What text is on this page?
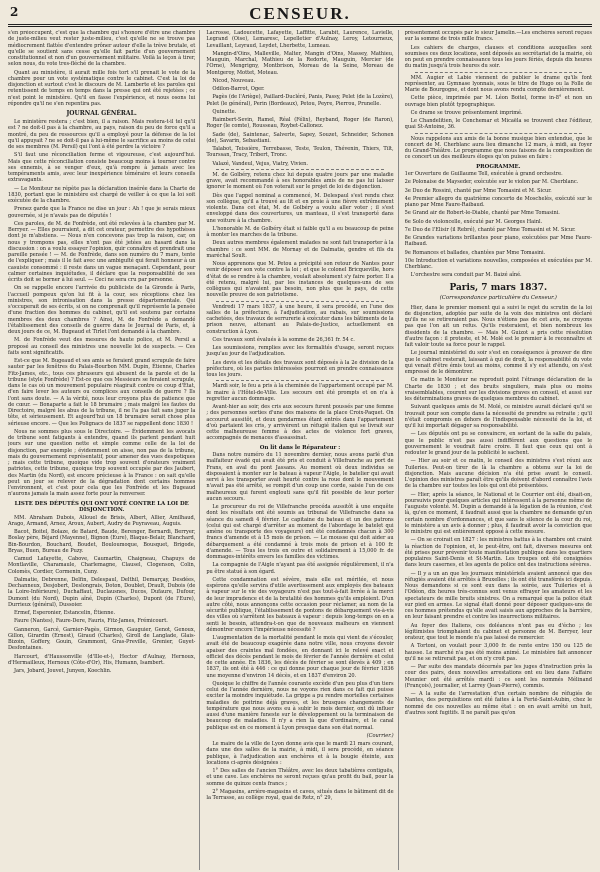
2	CENSEUR.

s'en préoccupent, c'est que la chambre qui s'honore d'être une chambre de juste-milieu veut rester juste-milieu, c'est qu'elle ne se trouve pas médiocrement flattée d'entendre prôner autour d'elle la trève brutale, et qu'elle se soutient sans cesse qu'elle fait partie d'un gouvernement constitutionnel et non d'un gouvernement militaire. Voilà la leçon à tirer, selon nous, du vote tres-fléché de la chambre.

Quant au ministère, il aurait mille fois tort s'il prenait le vote de la chambre pour un vote systématique contre le cabinet. C'est la loi de disjonction et surtout c'est le discours de M. Lamberte et les paroles qui retentissent de temps en temps dans la presse qui ont été rejetées ; ce n'est point le ministère. Qu'il en fasse l'expérience, et nous osons lui répondre qu'il ne s'en repentira pas.

JOURNAL GÉNÉRAL.

Le ministère restera ; c'est bien, il a raison. Mais restera-t-il tel qu'il est ? ne doit-il pas à la chambre, au pays, raison du peu de force qu'il a montré, du peu de ressources qu'il a employé pour la défense de la loi qu'il appuyait ? ne se doit-il pas à lui-même le sacrifice au moins de celui de ses membres (M. Persil) qui l'ont à été perdre la victoire ?

S'il faut une réconciliation ferme et vigoureuse, c'est aujourd'hui. Mais que cette réconciliation consiste beaucoup moins à tourner contre ses ennemis, à se venger d'eux, qu'à rompre à jamais avec les tempéraments amis, avec leur inexpérience téméraire et leurs conseils extravagants.

— Le Moniteur ne répète pas la déclaration insérée dans la Charte de 1830, portant que le ministère est chargé de veiller à ce que la loi soit exécutée de la chambre.

Prenez garde que la France ne dise un jour : Ah ! que je serais mieux gouvernée, si je n'avais pas de députés !

Ces paroles, de M. de Fonfrède, ont été relevées à la chambre par M. Berryer. — Elles pourraient, a dit cet orateur, permettre des hypothèses dont je m'abstiens. — Nous n'en concevons pas trop la raison, car, on nous y trompons pas, elles n'ont pas été jetées au hasard dans la discussion : on a voulu essayer l'opinion, quir connaître et prendrait une pareille pensée ! — M. de Fonfrède, dans son numéro du 7 mars, tente de l'expliquer ; mais il le fait avec une ambiguïté qui ferait honneur à un casuiste consommé : il reste dans un vague menaçant. Cependant, pour calmer certaines inquiétudes, il déclare que la responsabilité de ses écrits doit se borner à lui seul. — Ceci ne sera cru par personne.

On se rappelle encore l'arrivée du publiciste de la Gironde à Paris, l'accueil pompeux qu'on lui fit à la cour, ses réceptions chez les ministres, son intronisation dans la presse départementale. Qui s'occuperait de ses écrits, si on ne comprenait qu'il représente la pensée d'une fraction des hommes du cabinet, qu'il est soutenu par certains membres des deux chambres ? Ainsi, M. de Fonfrède a demandé l'établissement des conseils de guerre dans le Journal de Paris, et, à deux jours de ce, M. Bugeaud et Tirlet l'ont demandé à la chambre.

M. de Fonfrède veut des mesures de haute police, et M. Persil a proposé au conseil des ministres une nouvelle loi de suspects. — Ces faits sont significatifs.

Est-ce que M. Bugeaud et ses amis se feraient grand scrupule de faire sauter par les fenêtres du Palais-Bourbon MM. Dupin, Étienne, Charles Fitz-James, etc., tous ces phraseurs qui abusent de la parole et de la tribune (style Fonfrède) ? Est-ce que ces Messieurs se feraient scrupule, dans le cas où un mouvement populaire réagirait contre ce coup d'État, d'en faire lever les auteurs ou complices aux conseils de guerre ? Ils l'ont sans doute. — A la vérité, nous leur croyons plus de patience que de cœur. — Bonaparte a fait le 18 brumaire ; mais malgré les fautes du Directoire, malgré les abus de la tribune, il ne l'a pas fait sans juger la tête, et sérieusement. Et aujourd'hui un 18 brumaire serait chose plus sérieuse encore. — Que les Polignacs de 1837 se rappellent donc 1830 !

Nous ne sommes plus sous le Directoire. — Évidemment les avocats de tribune sont fatigants à entendre, quand ils parlent pendant huit jours sur une question nette et simple comme celle de la loi de disjonction, par exemple ; évidemment on aisse, non pas de la tribune, mais du gouvernement représentatif, pour amener des vues despotiques ; mais cette tribune, quoique vide trop souvent d'orateurs vraiment patriotes, cette tribune, quoique trop souvent occupée par des Jaubert, des Martin (du Nord), est encore précieuse à la France : on sait qu'elle peut un jour se relever de la dégradation dont certains hommes l'environnent, et c'est pour cela que les Fonfrède et les Bugeaud n'aurons jamais la main assez forte pour la renverser.

LISTE DES DÉPUTÉS QUI ONT VOTÉ CONTRE LA LOI DE DISJONCTION.

MM. Abraham Dubois, Allouel de Brisis, Albert, Allier, Amilhaud, Arago, Armand, Arnez, Aroux, Aubert, Audry de Puyraveau, Auguis.

Bacot, Boitel, Bolaze, de Batard, Baude, Berenger, Bernardi, Berryer, Boslay père, Béjard (Mayenne), Bignon (Eure), Blaque-Belair, Blanchard, Bin-Bourdon, Bouchard, Boudet, Bouloumoque, Bousquet, Brigode, Bryas, Buen, Bureau de Puzy.

Camud Lafayette, Cabove, Caumartin, Chaigneau, Chapuys de Montlaville, Charamaule, Charlemagne, Clausel, Clogenson, Colin, Colomès, Cordier, Cormenin, Cuny.

Dalmatie, Debrenne, Delfin, Delespaul, Delthil, Demarçay, Desdées, Dechanneux, Desjobert, Deslongrais, Doton, Doublet, Drault, Dubois (de la Loire-Inférieure), Duchaffaut, Duclausnes, Ducos, Dufaure, Dufour, Dumont (du Nord), Dupin aîné, Dupin (Charles), Dupont (de l'Eure), Durrieux (général), Dussoier.

Ermef, Esperonier, Estancelin, Étienne.

Faure (Nantes), Faure-Dere, Fauris, Fitz-James, Frémicourt.

Ganneron, Garcé, Garnier-Pagès, Girmon, Gauguier, Genot, Genoux, Gillon, Girardin (Ernest), Giraud (Charles), Giroll de Langlade, Glais-Bizoin, Goffery, Gouin, Grammont, Gras-Preville, Grenier, Guyet-Desfontaines.

Harcourt, d'Haussonville (d'Ille-et-), Hector d'Aulnay, Hernoux, d'Hermailleux, Hernoux (Côte-d'Or), His, Humann, Isambert.

Jars, Jobard, Jouvet, Junyen, Koechlin.

Lacrosse, Ladoucette, Lafayette, Laffitte, Larabit, Laurence, Lavielle, Legrand (Oise), Lemaresc, Lepelletier d'Aulnay, Leroy, Letourneux, Levaillant, Leyraud, Leydet, Lherbette, Lumeau.

Mangin-d'Oins, Malleville, Malter, Mangin d'Oins, Massey, Mathieu, Mauguin, Marchal, Mathieu de la Redorte, Mauguin, Mercier (de l'Orne), Mengrigny, Montbrison, Moreau de la Seine, Moreau de Montgeroy, Mottet, Moteau.

Nicod, Nouveau.

Odilon-Barrot, Oger.

Pagès (de l'Ariège), Paillard-Ducléré, Panis, Passy, Pelet (de la Lozère), Pelet (le général), Perin (Bordeaux), Petou, Peyre, Pierrou, Prunelle.

Quinette.

Raimbert-Sevin, Ramel, Réal (Félix), Reyband, Roger (de Raron), Roger (le comte), Rousseau, Roybet-Callonez.

Sade (de), Saintenac, Salverte, Sapey, Souzet, Schneider, Schonen (de), Savarin, Sebastiani.

Talabot, Teissière, Terrebasse, Teste, Teulon, Thévenin, Thiers, Tilt, Tourssan, Tracy, Tribert, Tronc.

Valazé, Vandeul, Vejus, Viatry, Vivien.

M. de Golbéry, retenu chez lui depuis quatre jours par une maladie grave, avait recommandé à ses honorables amis de ne pas lui laisser ignorer le moment où l'on voterait sur le projet de loi de disjonction.

Dès que l'appel nominal a commencé, M. Delespaul s'est rendu chez son collègue, qu'il a trouvé au lit et en proie à une fièvre extrêmement violente. Dans cet état, M. de Golbéry a voulu aller voter ; il s'est enveloppé dans des couvertures, un manteau, il s'est transporté dans une voiture à la chambre.

L'honorable M. de Golbéry était si faible qu'il a eu beaucoup de peine à monter les marches de la tribune.

Deux autres membres également malades ne sont fait transporter à la chambre : ce sont MM. de Mornay et de Dalmatie, gendre et fils du maréchal Soult.

Nous apprenons que M. Petou a précipité son retour de Nantes pour venir déposer son vote contre la loi ; et que le colonel Bricqueville, hors d'état de se rendre à la chambre, voulait absolument s'y faire porter. Il a été retenu, malgré lui, par les instances de quelques-uns de ses collègues qui n'avaient pas besoin, non plus que le pays, de cette nouvelle preuve de son patriotisme.

Vendredi 17 mars 1837, à une heure, il sera procédé, en l'une des salles de la préfecture, à l'adjudication, au rabais, sur soumissions cachetées, des travaux de serrurerie à exécuter dans les bâtiments de la prison neuve, attenant au Palais-de-Justice, actuellement en construction à Lyon.

Ces travaux sont évalués à la somme de 26,361 fr. 54 c.

Les soumissions, remplies avec les formalités d'usage, seront reçues jusqu'au jour de l'adjudication.

Les devis et les détails des travaux sont déposés à la 2e division de la préfecture, où les parties intéressées pourront en prendre connaissance tous les jours.

Mardi soir, le feu a pris à la cheminée de l'appartement occupé par M. le maire à l'Hôtel-de-Ville. Les secours ont été prompts et on n'a à regretter aucun dommage.

Avant-hier au soir, des cris aux secours furent poussés par une femme ; des personnes sorties d'une des maisons de la place Croix-Paquet. On accourut aussitôt, et deux gendarmes étant entrés dans l'appartement d'où partaient les cris, y arrivèrent un réfugié italien qui se livrait sur cette malheureuse femme à des actes de violence fort graves, accompagnés de menaces d'assassinat.

On lit dans le Réparateur :

Dans notre numéro du 11 novembre dernier, nous avons parlé d'un malfaiteur évadé qui avait été pris et conduit à Villefranche au port de Frans, en aval du pont Jassans. Au moment où deux individus se disposaient à monter sur le bateau à vapeur l'Aigle, le batelier qui avait servi à les transporter avait heurté contre la roue dont le mouvement n'avait pas été arrêté, se rompit d'un coup une corde, saisie l'un de ces malheureux qui furent englouti sans qu'il fût possible de leur porter aucun secours.

Le procureur du roi de Villefranche procéda aussitôt à une enquête dont les résultats ont été soumis au tribunal de Villefranche dans sa séance du samedi 4 février. Le capitaine du bateau et un des patrons (celui qui est chargé d'arrêter au moment de l'abordage le batelet qui amène ou transporte des voyageurs) ont été condamnés chacun à 300 francs d'amende et à 15 mois de prison. — Le mousse qui doit aider au débarquement a été condamné à trois mois de prison et à 100 fr. d'amende. — Tous les trois en outre et solidairement à 15,000 fr. de dommages-intérêts envers les familles des victimes.

La compagnie de l'Aigle n'ayant pas été assignée régulièrement, il n'a pu être statué à son égard.

Cette condamnation est sévère, mais elle est méritée, et nous espérons qu'elle servira d'utile avertissement aux employés des bateaux à vapeur sur le vie des voyageurs n'est pas tout-à-fait livrée à la merci de leur imprudence et de la brutalité des hommes qu'ils emploient. D'un autre côté, nous annonçons cette occasion pour réclamer, au nom de la sécurité publique, l'établissement de pontons de débarquement vis-à-vis des villes où s'arrêtent les bateaux à vapeur : depuis long-temps on en a senti le besoin, attendra-t-on que de nouveaux malheurs en viennent démontrer encore l'impérieuse nécessité ?

L'augmentation de la mortalité pendant le mois qui vient de s'écouler, avait été de beaucoup exagérée dans notre ville, nous croyons devoir apaiser des craintes mal fondées, en donnant ici le relevé exact et officiel des décès pendant le mois de février de l'année dernière et celui de cette année. En 1836, les décès de février se sont élevés à 409 ; en 1837, ils ont été à 446 : ce qui donne pour chaque jour de février 1836 une moyenne d'environ 14 décès, et en 1837 d'environ 20.

Quoique le chiffre de l'année courante excède d'un peu plus d'un tiers celui de l'année dernière, nous ne voyons rien dans ce fait qui puisse exciter la moindre inquiétude. La grippe a pu rendre mortelles certaines maladies de poitrine déjà graves, et les brusques changements de température que nous avons eu à subir le mois dernier, ont dû influer aussi d'une manière funeste sur le développement ou la terminaison de beaucoup de maladies. Il n'y a rien là que d'ordinaire, et le canal publique est en ce moment à Lyon presque dans son état normal.

(Courrier.)

Le maire de la ville de Lyon donne avis que le mardi 21 mars courant, dans une des salles de la mairie, à midi, il sera procédé, en séance publique, à l'adjudication aux enchères et à la bougie éteinte, aux locations ci-après désignées :

1° Des salles de l'ancien Théâtre, avec les deux tabatières contiguës, et une cave. Les enchères ne seront reçues qu'au profit du bail, pour la somme de quinze cents francs ;

2° Magasins, arrière-magasins et caves, situés dans le bâtiment dit de la Terrasse, au collège royal, quai de Retz, n° 29,

présentement occupés par le sieur Jamelin.—Les enchères seront reçues sur la somme de trois mille francs.

Les cahiers de charges, clauses et conditions auxquelles sont soumises ces deux locations, sont déposés au secrétariat de la mairie, où on peut en prendre connaissance tous les jours fériés, depuis dix heures du matin jusqu'à trois heures du soir.

MM. Augier et Labie viennent de publier le drame qu'ils font représenter, au Gymnase lyonnais, sous le titre de Hugo ou la Folle de Marie de Bourgogne, et dont nous avons rendu compte dernièrement.

Cette pièce, imprimée par M. Léon Boitel, forme in-8° et non un ouvrage bien plutôt typographique.

Ce drame se trouve présentement imprimé.

Le Chandelitien, le Conchemar et Micaëla se trouvent chez l'éditeur, quai St-Antoine, 36.

Nous rappelons aux amis de la bonne musique bien entendue, que le concert de M. Cherblanc aura lieu dimanche 12 mars, à midi, au foyer du Grand-Théâtre. Le programme que nous faisons de la composition de ce concert un des meilleurs éloges qu'on puisse en faire :

PROGRAMME.

1er Ouverture de Guillaume Tell, exécutée à grand orchestre.

2e Polonaise de Mayseder, exécutée sur le violon par M. Cherblanc.

3e Duo de Rossini, chanté par Mme Tomasini et M. Sicur.

4e Premier allegro du quatrième concerto de Moschelès, exécuté sur le piano par Mme Faure-Raibaud.

5e Grand air de Robert-le-Diable, chanté par Mme Tomasini.

6e Solo de violoncelle, exécuté par M. Georges Hainl.

7e Duo de l'Elisir (il Rebré), chanté par Mme Tomasini et M. Sicur.

8e Grandes variations brillantes pour piano, exécutées par Mme Faure-Raibaud.

9e Romances et ballades, chantées par Mme Tomasini.

10e Introduction et variations nouvelles, composées et exécutées par M. Cherblanc.

L'orchestre sera conduit par M. Baizé aîné.

Paris, 7 mars 1837.
(Correspondance particulière du Censeur.)

Hier, dans le premier moment qui a suivi le rejet du scrutin de la loi de disjonction, adoptée par suite de la voix des ministres ont déclaré qu'ils ne se retireraient pas. Nous n'étions pas de cet avis, ne croyons pas que l'on ait un refus. Qu'ils resteraient, et bien nombreux les dissidents de la chambre. — Mais M. Guizot a pris cette résolution d'autre façon : il proteste, et M. Molé est le premier à le reconnaître et fait valoir toute sa force pour le rappel.

Le journal ministériel du soir s'est en conséquence à prouver de dire que le cabinet resterait, laissant à qui de droit, la responsabilité du vote qui venait d'être émis tout au moins, comme il s'y est attendu, on s'est empressé de le démontrer.

Ce matin le Moniteur ne reproduit point l'étrange déclaration de la Charte de 1830 ; et des bruits singuliers, mais plus ou moins vraisemblables, courent sur les divisions graves en conseil, et aussi sur les déterminations graves de quelques membres du cabinet.

Suivant quelques amis de M. Molé, ce ministre aurait déclaré qu'il se trouvait pour son compte dans la nécessité de prendre sa retraite ; qu'il n'était compromis en dehors de l'indispensable nécessité de la loi, et qu'il lui importait dégager sa responsabilité.

— Les députés ont pu se convaincre, en sortant de la salle du palais, que le public n'est pas aussi indifférent aux questions que le gouvernement le voudrait faire croire. Il faut que ceux qui ont à redouter le grand jour de la publicité le sachent.

— Hier au soir et ce matin, le conseil des ministres s'est réuni aux Tuileries. Peut-on tirer de là la chambre a obtenu sur la loi de disjonction. Mais aucune décision n'a été prise avant le conseil. L'opinion des ministres paraît être qu'ils doivent d'abord connaître l'avis de la chambre sur toutes les lois qui ont été présentées.

— Hier, après la séance, le National et le Courrier ont été, disait-on, poursuivis pour quelques articles qui intéressent à la personne même de l'auguste volonté. M. Dupin a demandé à la légation de la réunion, c'est là, qu'en ce moment, il faudrait aussi que la chambre ne demande qu'un certain nombre d'ordonnances, et que sans le silence de la cour du roi, le ministère a un avis à donner ; plus, il faudrait avoir la conviction que le ministre qui est entièrement opposé à cette mesure.

— On se croirait en 1827 : les ministres battus à la chambre ont craint la réaction de l'opinion, et, le peut-être, ont fait, diverses mesures ont été prises pour prévenir toute manifestation publique dans les quartiers populaires Saint-Denis et St-Martin. Les troupes ont été consignées dans leurs casernes, et les agents de police ont des instructions sévères.

— Il y a un an que les journaux ministériels avaient annoncé que des réfugiés avaient été arrêtés à Bruxelles ; ils ont été transférés ici depuis. Nous demandons si ce sont eux dans la soirée, aux Tuileries et à l'Odéon, dix heures très-connus sont venus effrayer les amateurs et les spectateurs de mille bruits sinistres. On a remarqué que la police était sur pied en armes. Le signal était donné pour déposer quelques-uns de ces hommes prétendus qu'elle avait saisis aux approches de la barrière, en leur faisant prendre et contre les insurrections militaires.

Au foyer des Italiens, ces doléances n'ont pas eu d'écho ; les légitimistes triomphaient du cabinet et personne de M. Berryer, leur orateur, que tout le monde n'a pas laissé de remercier.

A Tortoni, on voulait pour 3,000 fr. de rente entre 150 ou 125 de hausse. Le marché n'a pas été moins animé. Le ministère fait annoncer qu'il ne se retirerait pas, et on n'y croit pas.

— Par suite des mandats décernés par les juges d'instruction près la cour des pairs, deux nouvelles arrestations ont eu lieu dans l'affaire Meunier ont été arrêtés mardi : ce sont les nommés Mélinand (François), journalier, et Larrey (Jean-Pierre), commis.

— A la suite de l'arrestation d'un certain nombre de réfugiés de Nantes, des perquisitions ont été faites à la Ferté-Saint-Aubin, chez le nommé de ces nouvelles au même état : on en avait arrêté un huit, d'autres sont fugitifs. Il ne paraît pas qu'on
